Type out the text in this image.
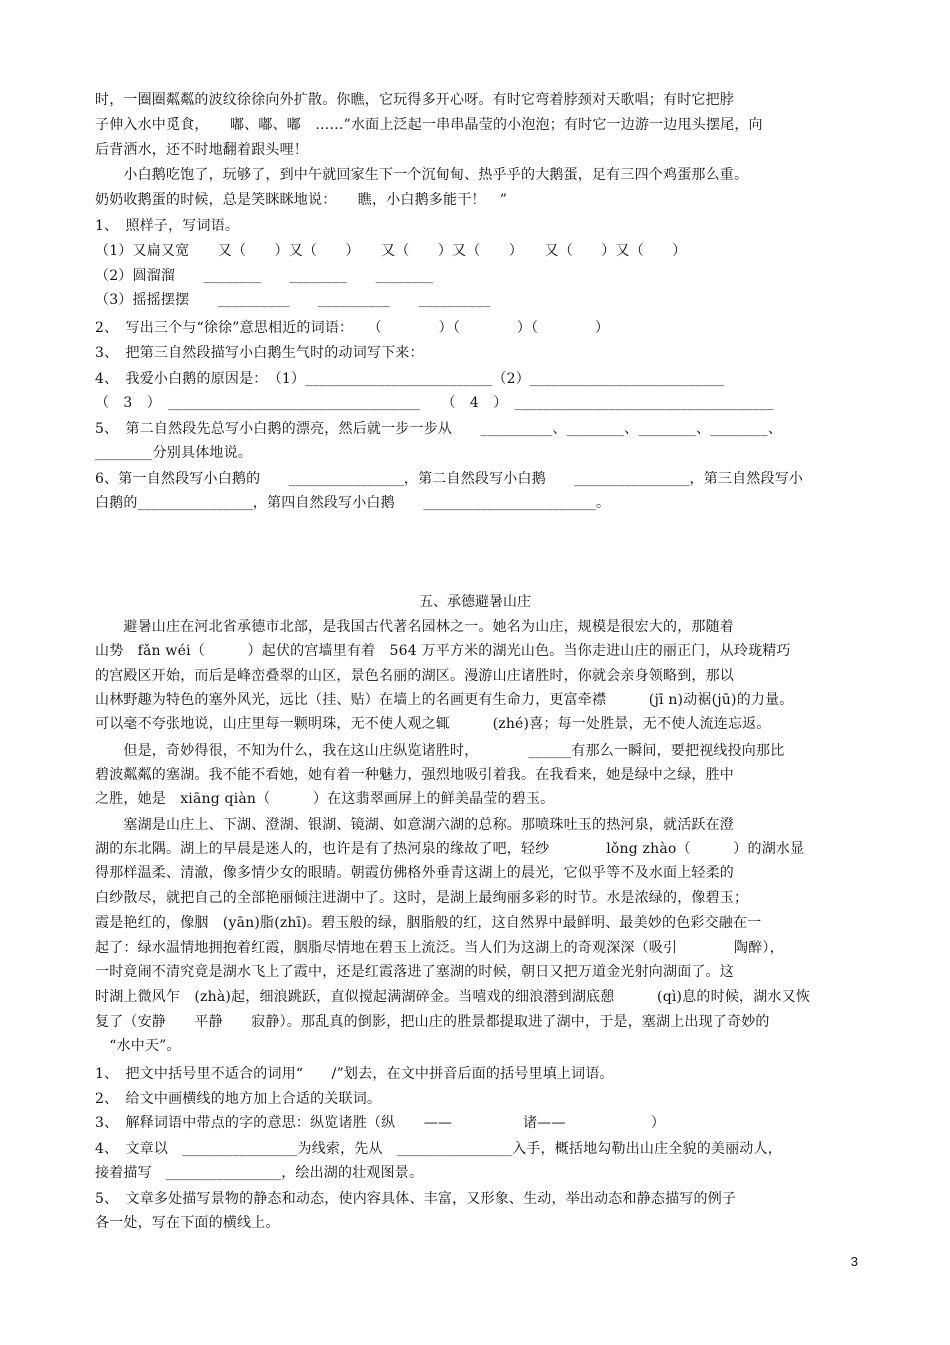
时，一圈圈粼粼的波纹徐徐向外扩散。你瞧，它玩得多开心呀。有时它弯着脖颈对天歌唱；有时它把脖
子伸入水中觅食，　　嘟、嘟、嘟　……”水面上泛起一串串晶莹的小泡泡；有时它一边游一边甩头摆尾，向
后背洒水，还不时地翻着跟头哩！
　　小白鹅吃饱了，玩够了，到中午就回家生下一个沉甸甸、热乎乎的大鹅蛋，足有三四个鸡蛋那么重。
奶奶收鹅蛋的时候，总是笑眯眯地说：　　瞧，小白鹅多能干！　”
1、　照样子，写词语。
（1）又扁又宽　　又（　　）又（　　）　　又（　　）又（　　）　　又（　　）又（　　）
（2）圆溜溜　　________　　________　　________
（3）摇摇摆摆　　__________　　__________　　__________
2、　写出三个与“徐徐”意思相近的词语：　　（　　　　）（　　　　）（　　　　）
3、　把第三自然段描写小白鹅生气时的动词写下来：
4、　我爱小白鹅的原因是：　（1）__________________________（2）___________________________
（　3　）　___________________________________　　（　4　）　____________________________________
5、　第二自然段先总写小白鹅的漂亮，然后就一步一步从　　__________、________、________、________、
________分别具体地说。
6、第一自然段写小白鹅的　　________________，第二自然段写小白鹅　　________________，第三自然段写小
白鹅的________________，第四自然段写小白鹅　　________________________。
五、承德避暑山庄
　　避暑山庄在河北省承德市北部，是我国古代著名园林之一。她名为山庄，规模是很宏大的，那随着
山势　fǎn wéi（　　　）起伏的宫墙里有着　564 万平方米的湖光山色。当你走进山庄的丽正门，从玲珑精巧
的宫殿区开始，而后是峰峦叠翠的山区，景色名丽的湖区。漫游山庄诸胜时，你就会亲身领略到，那以
山林野趣为特色的塞外风光，远比（挂、贴）在墙上的名画更有生命力，更富牵襟　　　(jī n)动裾(jū)的力量。
可以毫不夸张地说，山庄里每一颗明珠，无不使人观之辄　　　(zhé)喜；每一处胜景，无不使人流连忘返。
　　但是，奇妙得很，不知为什么，我在这山庄纵览诸胜时，　　　　______有那么一瞬间，要把视线投向那比
碧波粼粼的塞湖。我不能不看她，她有着一种魅力，强烈地吸引着我。在我看来，她是绿中之绿，胜中
之胜，她是　xiāng qiàn（　　　）在这翡翠画屏上的鲜美晶莹的碧玉。
　　塞湖是山庄上、下湖、澄湖、银湖、镜湖、如意湖六湖的总称。那喷珠吐玉的热河泉，就活跃在澄
湖的东北隅。湖上的早晨是迷人的，也许是有了热河泉的缘故了吧，轻纱　　　　lǒng zhào（　　　）的湖水显
得那样温柔、清澈，像多情少女的眼睛。朝霞仿佛格外垂青这湖上的晨光，它似乎等不及水面上轻柔的
白纱散尽，就把自己的全部艳丽倾注进湖中了。这时，是湖上最绚丽多彩的时节。水是浓绿的，像碧玉；
霞是艳红的，像胭　(yān)脂(zhī)。碧玉般的绿，胭脂般的红，这自然界中最鲜明、最美妙的色彩交融在一
起了：绿水温情地拥抱着红霞，胭脂尽情地在碧玉上流泛。当人们为这湖上的奇观深深（吸引　　　　陶醉），
一时竟闹不清究竟是湖水飞上了霞中，还是红霞落进了塞湖的时候，朝日又把万道金光射向湖面了。这
时湖上微风乍　(zhà)起，细浪跳跃，直似搅起满湖碎金。当嘻戏的细浪潜到湖底憩　　　(qì)息的时候，湖水又恢
复了（安静　　平静　　寂静）。那乱真的倒影，把山庄的胜景都提取进了湖中，于是，塞湖上出现了奇妙的
　“水中天”。
1、　把文中括号里不适合的词用“　　/”划去，在文中拼音后面的括号里填上词语。
2、　给文中画横线的地方加上合适的关联词。
3、　解释词语中带点的字的意思：纵览诸胜（纵　　——　　　　　诸——　　　　　　）
4、　文章以　________________为线索，先从　________________入手，概括地勾勒出山庄全貌的美丽动人，
接着描写　________________，绘出湖的壮观图景。
5、　文章多处描写景物的静态和动态，使内容具体、丰富，又形象、生动，举出动态和静态描写的例子
各一处，写在下面的横线上。
3
